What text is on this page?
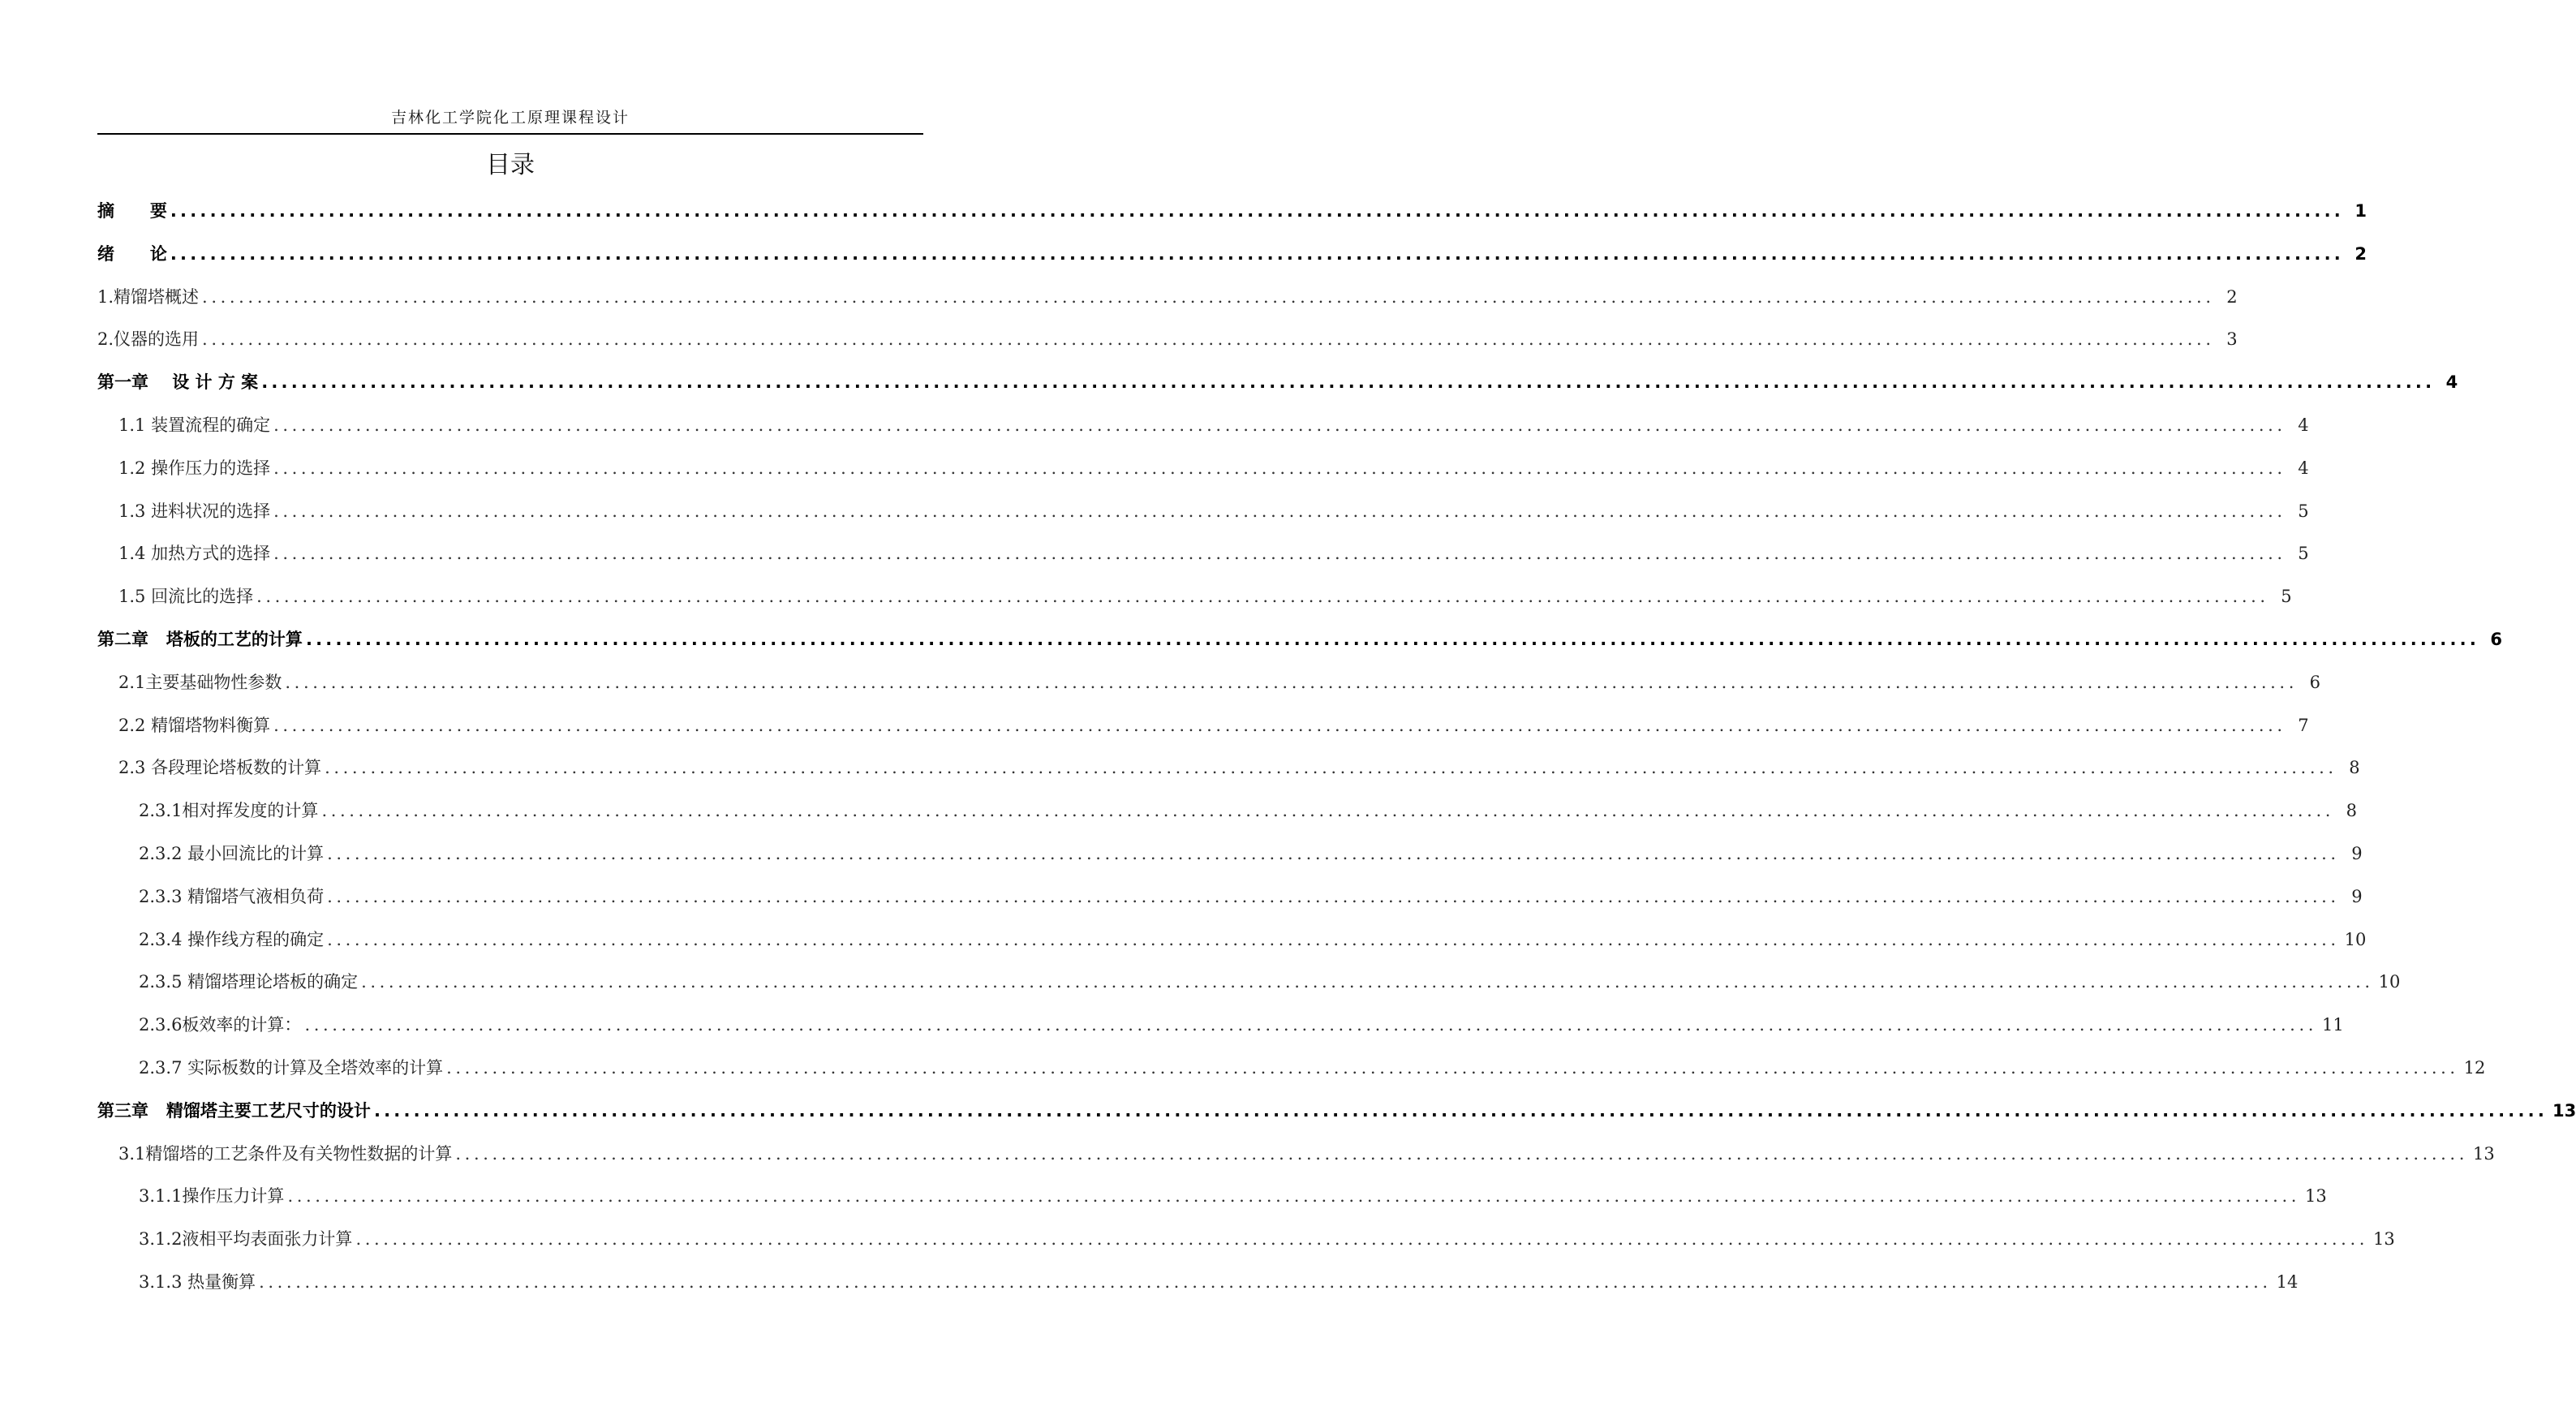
吉林化工学院化工原理课程设计
目录
摘      要 ............................................................................................................................................................................................................................ 1
绪      论 ............................................................................................................................................................................................................................ 2
1.精馏塔概述 ............................................................................................................................................................................................................................ 2
2.仪器的选用 ............................................................................................................................................................................................................................ 3
第一章    设 计 方 案 ............................................................................................................................................................................................................................ 4
1.1 装置流程的确定 ............................................................................................................................................................................................................................ 4
1.2 操作压力的选择 ............................................................................................................................................................................................................................ 4
1.3 进料状况的选择 ............................................................................................................................................................................................................................ 5
1.4 加热方式的选择 ............................................................................................................................................................................................................................ 5
1.5 回流比的选择 ............................................................................................................................................................................................................................ 5
第二章   塔板的工艺的计算 ............................................................................................................................................................................................................................ 6
2.1主要基础物性参数 ............................................................................................................................................................................................................................ 6
2.2 精馏塔物料衡算 ............................................................................................................................................................................................................................ 7
2.3 各段理论塔板数的计算 ............................................................................................................................................................................................................................ 8
2.3.1相对挥发度的计算 ............................................................................................................................................................................................................................ 8
2.3.2 最小回流比的计算 ............................................................................................................................................................................................................................ 9
2.3.3 精馏塔气液相负荷 ............................................................................................................................................................................................................................ 9
2.3.4 操作线方程的确定 ............................................................................................................................................................................................................................ 10
2.3.5 精馏塔理论塔板的确定 ............................................................................................................................................................................................................................ 10
2.3.6板效率的计算： ............................................................................................................................................................................................................................ 11
2.3.7 实际板数的计算及全塔效率的计算 ............................................................................................................................................................................................................................ 12
第三章   精馏塔主要工艺尺寸的设计 ............................................................................................................................................................................................................................ 13
3.1精馏塔的工艺条件及有关物性数据的计算 ............................................................................................................................................................................................................................ 13
3.1.1操作压力计算 ............................................................................................................................................................................................................................ 13
3.1.2液相平均表面张力计算 ............................................................................................................................................................................................................................ 13
3.1.3 热量衡算 ............................................................................................................................................................................................................................ 14
